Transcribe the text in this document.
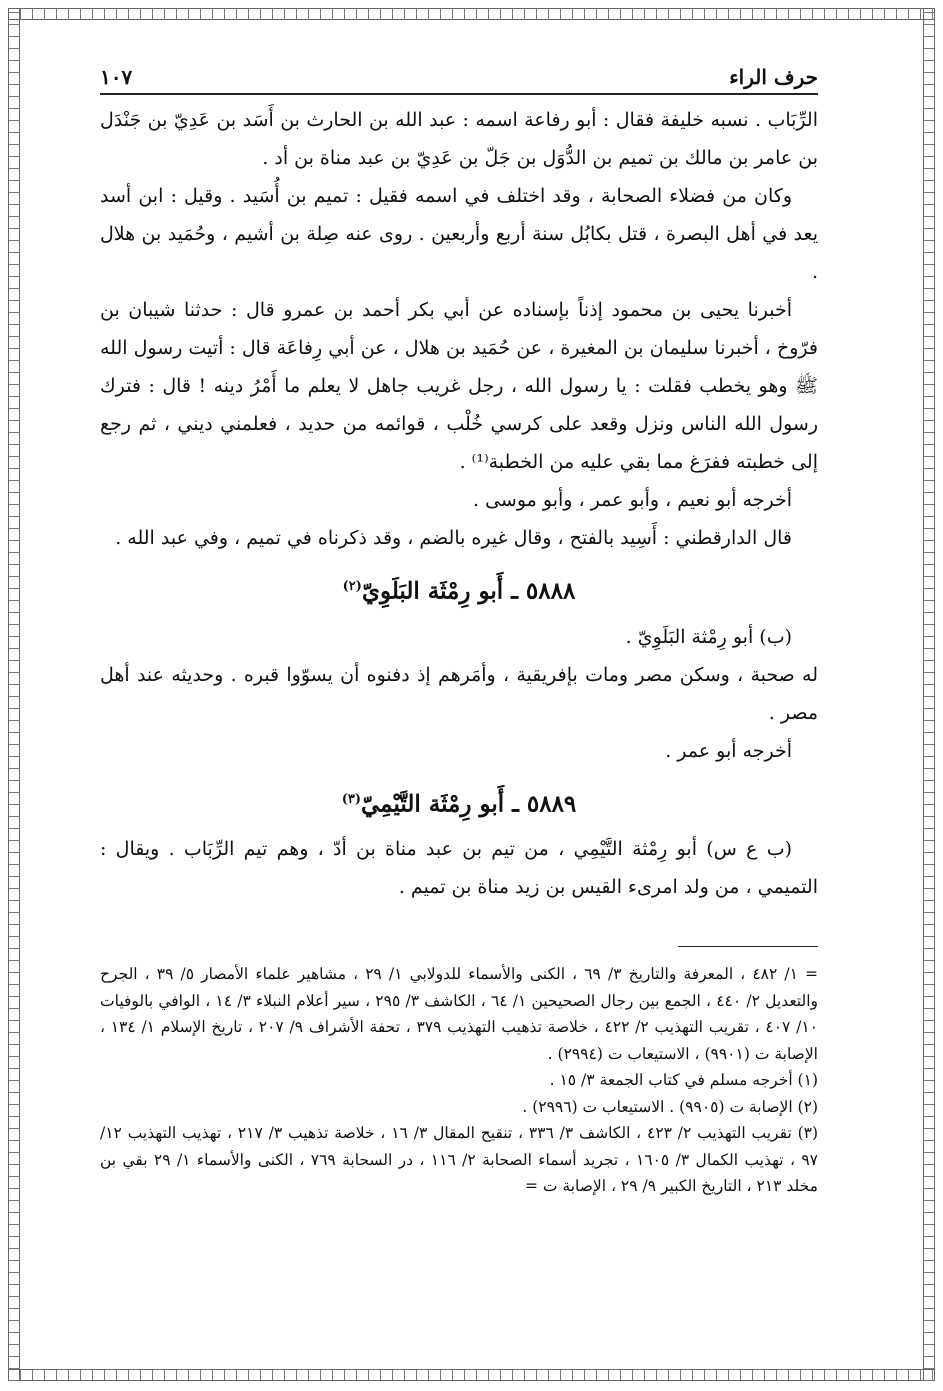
حرف الراء
١٠٧

الرِّبَاب . نسبه خليفة فقال : أبو رفاعة اسمه : عبد الله بن الحارث بن أَسَد بن عَدِيّ بن جَنْدَل بن عامر بن مالك بن تميم بن الدُّوَل بن جَلّ بن عَدِيّ بن عبد مناة بن أد .

وكان من فضلاء الصحابة ، وقد اختلف في اسمه فقيل : تميم بن أُسَيد . وقيل : ابن أسد يعد في أهل البصرة ، قتل بكابُل سنة أربع وأربعين . روى عنه صِلة بن أشيم ، وحُمَيد بن هلال .

أخبرنا يحيى بن محمود إذناً بإسناده عن أبي بكر أحمد بن عمرو قال : حدثنا شيبان بن فرّوخ ، أخبرنا سليمان بن المغيرة ، عن حُمَيد بن هلال ، عن أبي رِفاعَة قال : أتيت رسول الله ﷺ وهو يخطب فقلت : يا رسول الله ، رجل غريب جاهل لا يعلم ما أَمْرُ دينه ! قال : فترك رسول الله الناس ونزل وقعد على كرسي خُلْب ، قوائمه من حديد ، فعلمني ديني ، ثم رجع إلى خطبته ففرَغ مما بقي عليه من الخطبة⁽¹⁾ .

أخرجه أبو نعيم ، وأبو عمر ، وأبو موسى .

قال الدارقطني : أَسِيد بالفتح ، وقال غيره بالضم ، وقد ذكرناه في تميم ، وفي عبد الله .

٥٨٨٨ ـ أَبو رِمْثَة البَلَوِيّ$^{(٢)}$

(ب) أبو رِمْثة البَلَوِيّ .

له صحبة ، وسكن مصر ومات بإفريقية ، وأمَرهم إذ دفنوه أن يسوّوا قبره . وحديثه عند أهل مصر .

أخرجه أبو عمر .

٥٨٨٩ ـ أَبو رِمْثَة التَّيْمِيّ$^{(٣)}$

(ب ع س) أبو رِمْثة التَّيْمِي ، من تيم بن عبد مناة بن أدّ ، وهم تيم الرِّبَاب . ويقال : التميمي ، من ولد امرىء القيس بن زيد مناة بن تميم .

= ١/ ٤٨٢ ، المعرفة والتاريخ ٣/ ٦٩ ، الكنى والأسماء للدولابي ١/ ٢٩ ، مشاهير علماء الأمصار ٥/ ٣٩ ، الجرح والتعديل ٢/ ٤٤٠ ، الجمع بين رجال الصحيحين ١/ ٦٤ ، الكاشف ٣/ ٢٩٥ ، سير أعلام النبلاء ٣/ ١٤ ، الوافي بالوفيات ١٠/ ٤٠٧ ، تقريب التهذيب ٢/ ٤٢٢ ، خلاصة تذهيب التهذيب ٣٧٩ ، تحفة الأشراف ٩/ ٢٠٧ ، تاريخ الإسلام ١/ ١٣٤ ، الإصابة ت (٩٩٠١) ، الاستيعاب ت (٢٩٩٤) .

(١) أخرجه مسلم في كتاب الجمعة ٣/ ١٥ .

(٢) الإصابة ت (٩٩٠٥) . الاستيعاب ت (٢٩٩٦) .

(٣) تقريب التهذيب ٢/ ٤٢٣ ، الكاشف ٣/ ٣٣٦ ، تنقيح المقال ٣/ ١٦ ، خلاصة تذهيب ٣/ ٢١٧ ، تهذيب التهذيب ١٢/ ٩٧ ، تهذيب الكمال ٣/ ١٦٠٥ ، تجريد أسماء الصحابة ٢/ ١١٦ ، در السحابة ٧٦٩ ، الكنى والأسماء ١/ ٢٩ بقي بن مخلد ٢١٣ ، التاريخ الكبير ٩/ ٢٩ ، الإصابة ت =
